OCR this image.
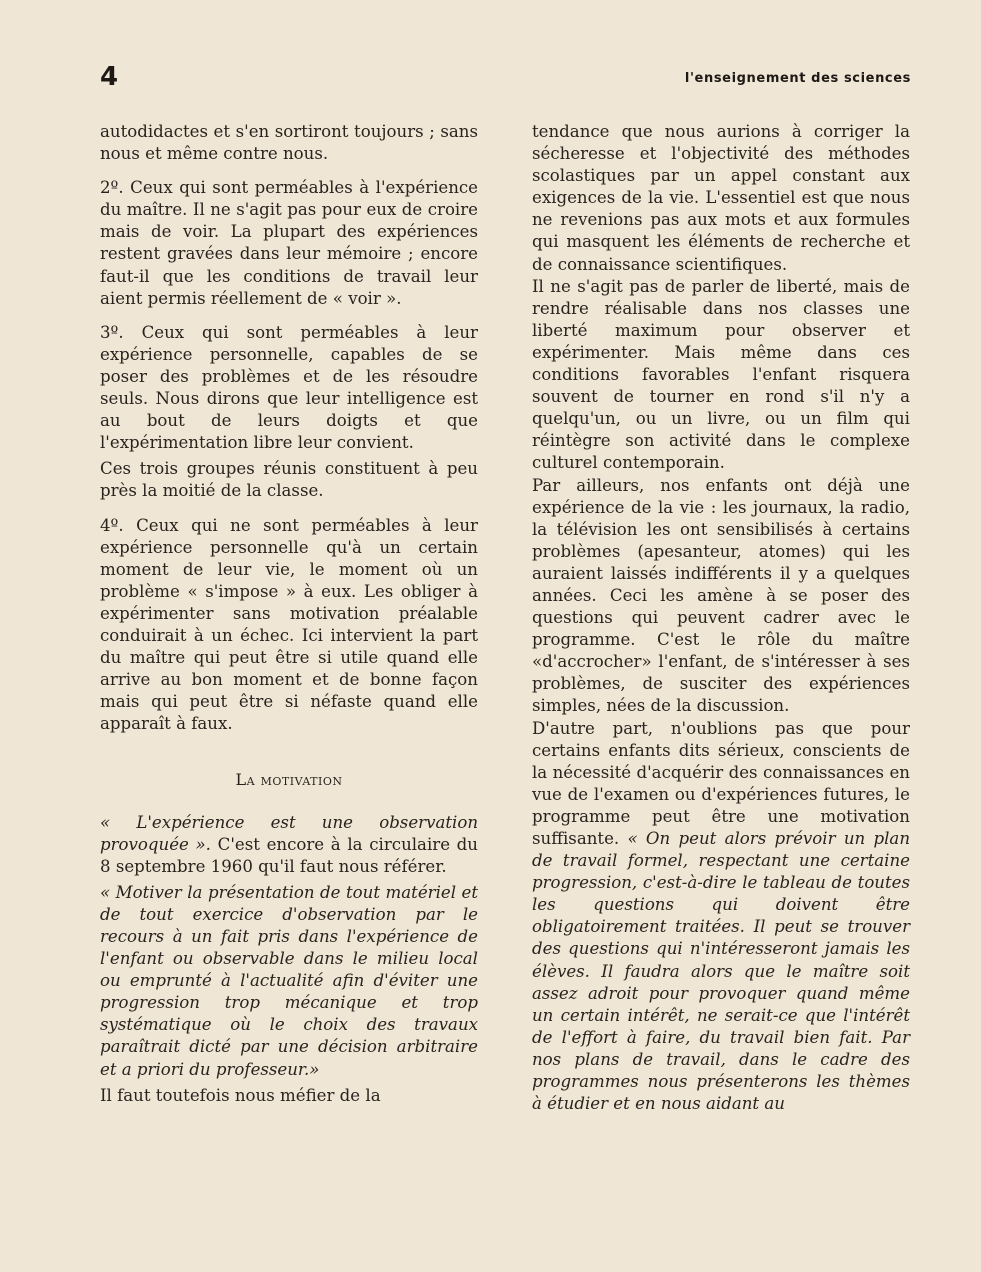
4	l'enseignement des sciences

autodidactes et s'en sortiront toujours ; sans nous et même contre nous.

2º. Ceux qui sont perméables à l'expérience du maître. Il ne s'agit pas pour eux de croire mais de voir. La plupart des expériences restent gravées dans leur mémoire ; encore faut-il que les conditions de travail leur aient permis réellement de « voir ».

3º. Ceux qui sont perméables à leur expérience personnelle, capables de se poser des problèmes et de les résoudre seuls. Nous dirons que leur intelligence est au bout de leurs doigts et que l'expérimentation libre leur convient.

Ces trois groupes réunis constituent à peu près la moitié de la classe.

4º. Ceux qui ne sont perméables à leur expérience personnelle qu'à un certain moment de leur vie, le moment où un problème « s'impose » à eux. Les obliger à expérimenter sans motivation préalable conduirait à un échec. Ici intervient la part du maître qui peut être si utile quand elle arrive au bon moment et de bonne façon mais qui peut être si néfaste quand elle apparaît à faux.

La motivation

« L'expérience est une observation provoquée ». C'est encore à la circulaire du 8 septembre 1960 qu'il faut nous référer.

« Motiver la présentation de tout matériel et de tout exercice d'observation par le recours à un fait pris dans l'expérience de l'enfant ou observable dans le milieu local ou emprunté à l'actualité afin d'éviter une progression trop mécanique et trop systématique où le choix des travaux paraîtrait dicté par une décision arbitraire et a priori du professeur.»

Il faut toutefois nous méfier de la

tendance que nous aurions à corriger la sécheresse et l'objectivité des méthodes scolastiques par un appel constant aux exigences de la vie. L'essentiel est que nous ne revenions pas aux mots et aux formules qui masquent les éléments de recherche et de connaissance scientifiques.

Il ne s'agit pas de parler de liberté, mais de rendre réalisable dans nos classes une liberté maximum pour observer et expérimenter. Mais même dans ces conditions favorables l'enfant risquera souvent de tourner en rond s'il n'y a quelqu'un, ou un livre, ou un film qui réintègre son activité dans le complexe culturel contemporain.

Par ailleurs, nos enfants ont déjà une expérience de la vie : les journaux, la radio, la télévision les ont sensibilisés à certains problèmes (apesanteur, atomes) qui les auraient laissés indifférents il y a quelques années. Ceci les amène à se poser des questions qui peuvent cadrer avec le programme. C'est le rôle du maître «d'accrocher» l'enfant, de s'intéresser à ses problèmes, de susciter des expériences simples, nées de la discussion.

D'autre part, n'oublions pas que pour certains enfants dits sérieux, conscients de la nécessité d'acquérir des connaissances en vue de l'examen ou d'expériences futures, le programme peut être une motivation suffisante. « On peut alors prévoir un plan de travail formel, respectant une certaine progression, c'est-à-dire le tableau de toutes les questions qui doivent être obligatoirement traitées. Il peut se trouver des questions qui n'intéresseront jamais les élèves. Il faudra alors que le maître soit assez adroit pour provoquer quand même un certain intérêt, ne serait-ce que l'intérêt de l'effort à faire, du travail bien fait. Par nos plans de travail, dans le cadre des programmes nous présenterons les thèmes à étudier et en nous aidant au
